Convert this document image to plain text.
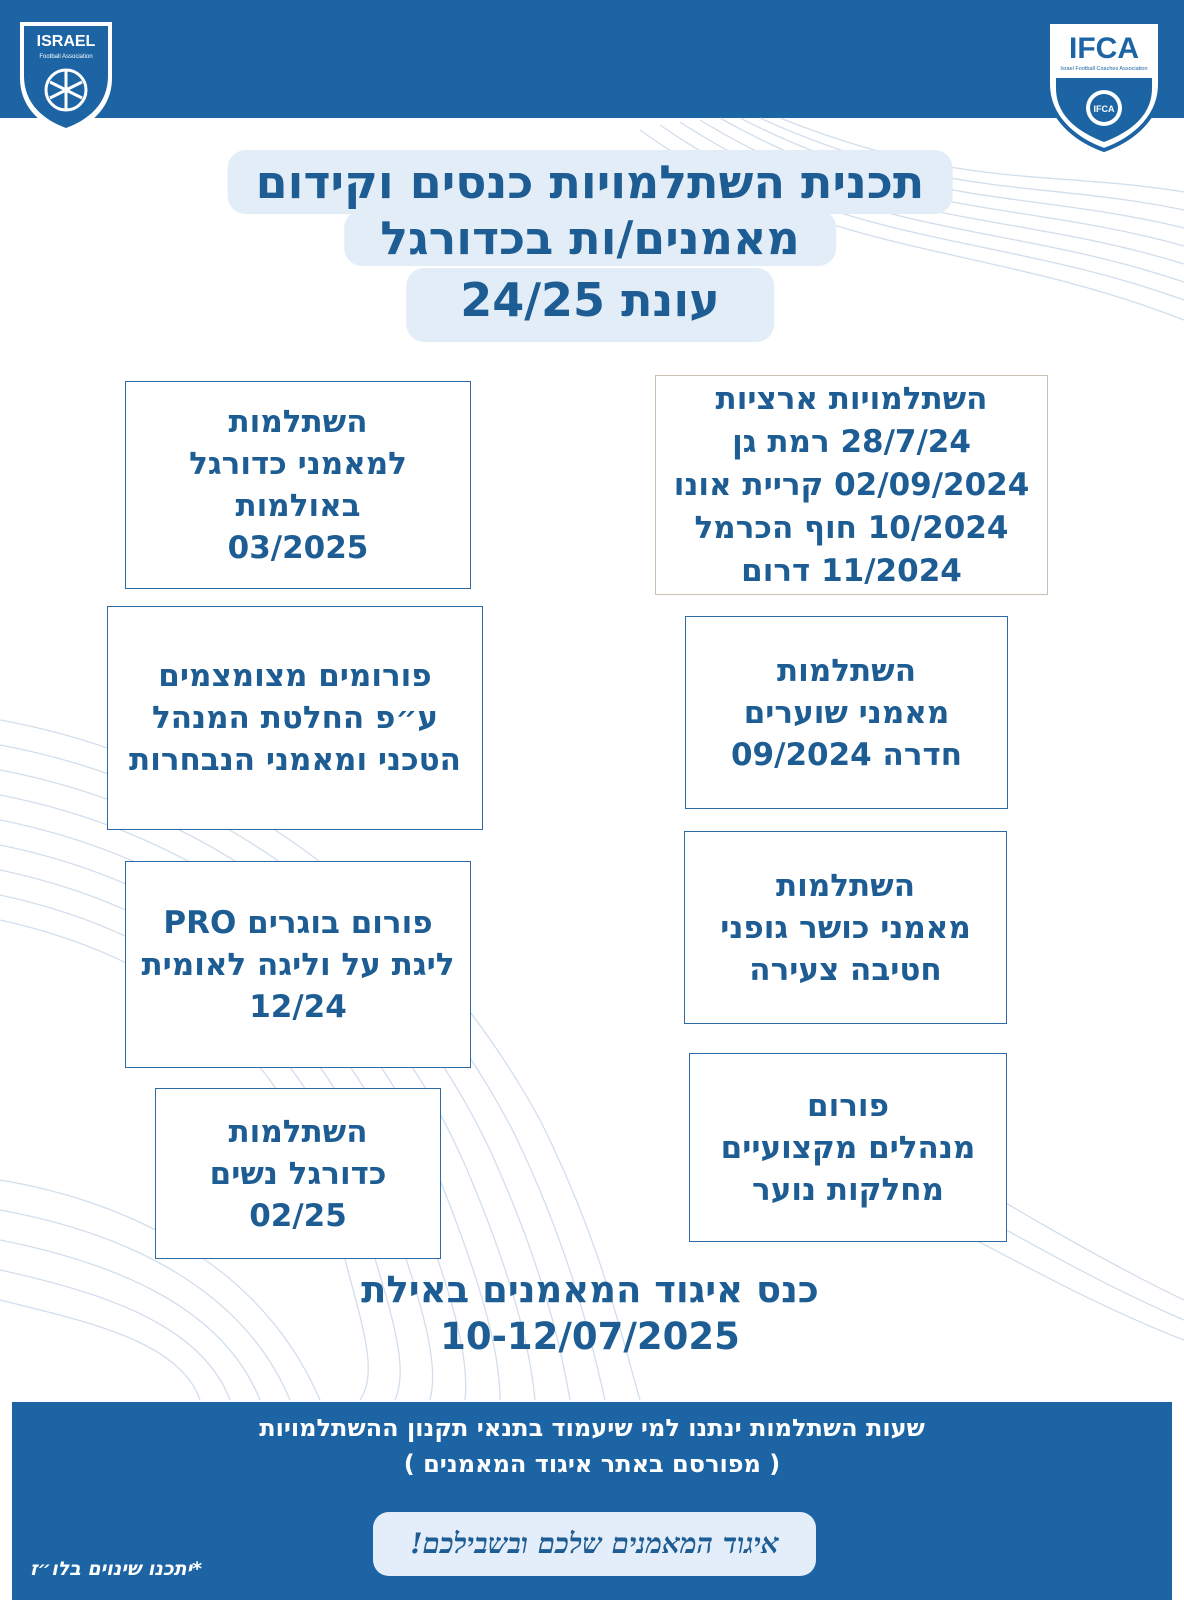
ISRAEL
Football Association	IFCA
Israel Football Coaches Association
IFCA
תכנית השתלמויות כנסים וקידום
מאמנים/ות בכדורגל
עונת 24/25
השתלמויות ארציות
28/7/24 רמת גן
02/09/2024 קריית אונו
10/2024 חוף הכרמל
11/2024 דרום
השתלמות
למאמני כדורגל
באולמות
03/2025
השתלמות
מאמני שוערים
חדרה 09/2024
פורומים מצומצמים
ע״פ החלטת המנהל
הטכני ומאמני הנבחרות
השתלמות
מאמני כושר גופני
חטיבה צעירה
פורום בוגרים PRO
ליגת על וליגה לאומית
12/24
פורום
מנהלים מקצועיים
מחלקות נוער
השתלמות
כדורגל נשים
02/25
כנס איגוד המאמנים באילת
10-12/07/2025
שעות השתלמות ינתנו למי שיעמוד בתנאי תקנון ההשתלמויות
( מפורסם באתר איגוד המאמנים )
איגוד המאמנים שלכם ובשבילכם!
*יתכנו שינוים בלו״ז
